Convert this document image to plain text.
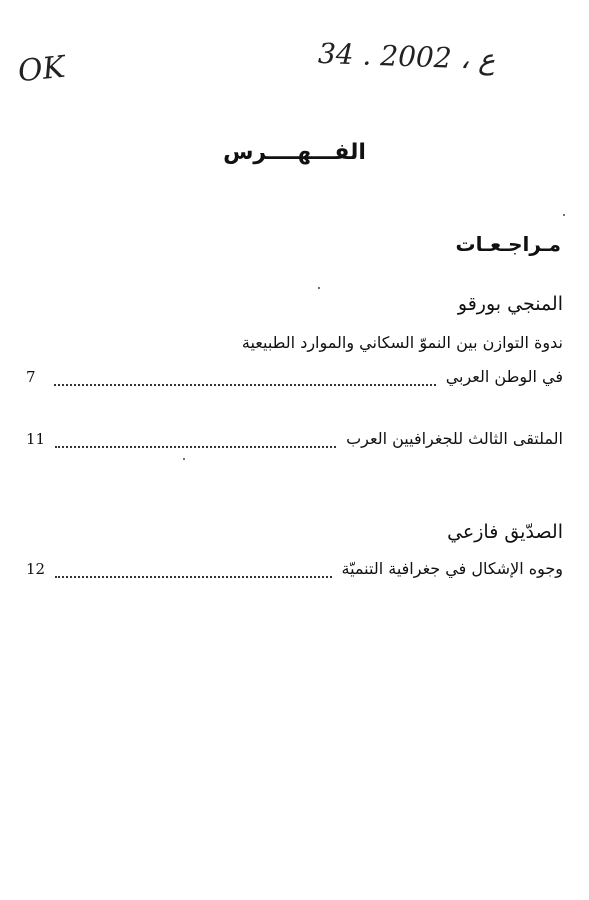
OK	34 . ع ، 2002
الفـــهــــرس
مـراجـعـات
المنجي بورقو
ندوة التوازن بين النموّ السكاني والموارد الطبيعية
في الوطن العربي
7
الملتقى الثالث للجغرافيين العرب
11
الصدّيق فازعي
وجوه الإشكال في جغرافية التنميّة
12
